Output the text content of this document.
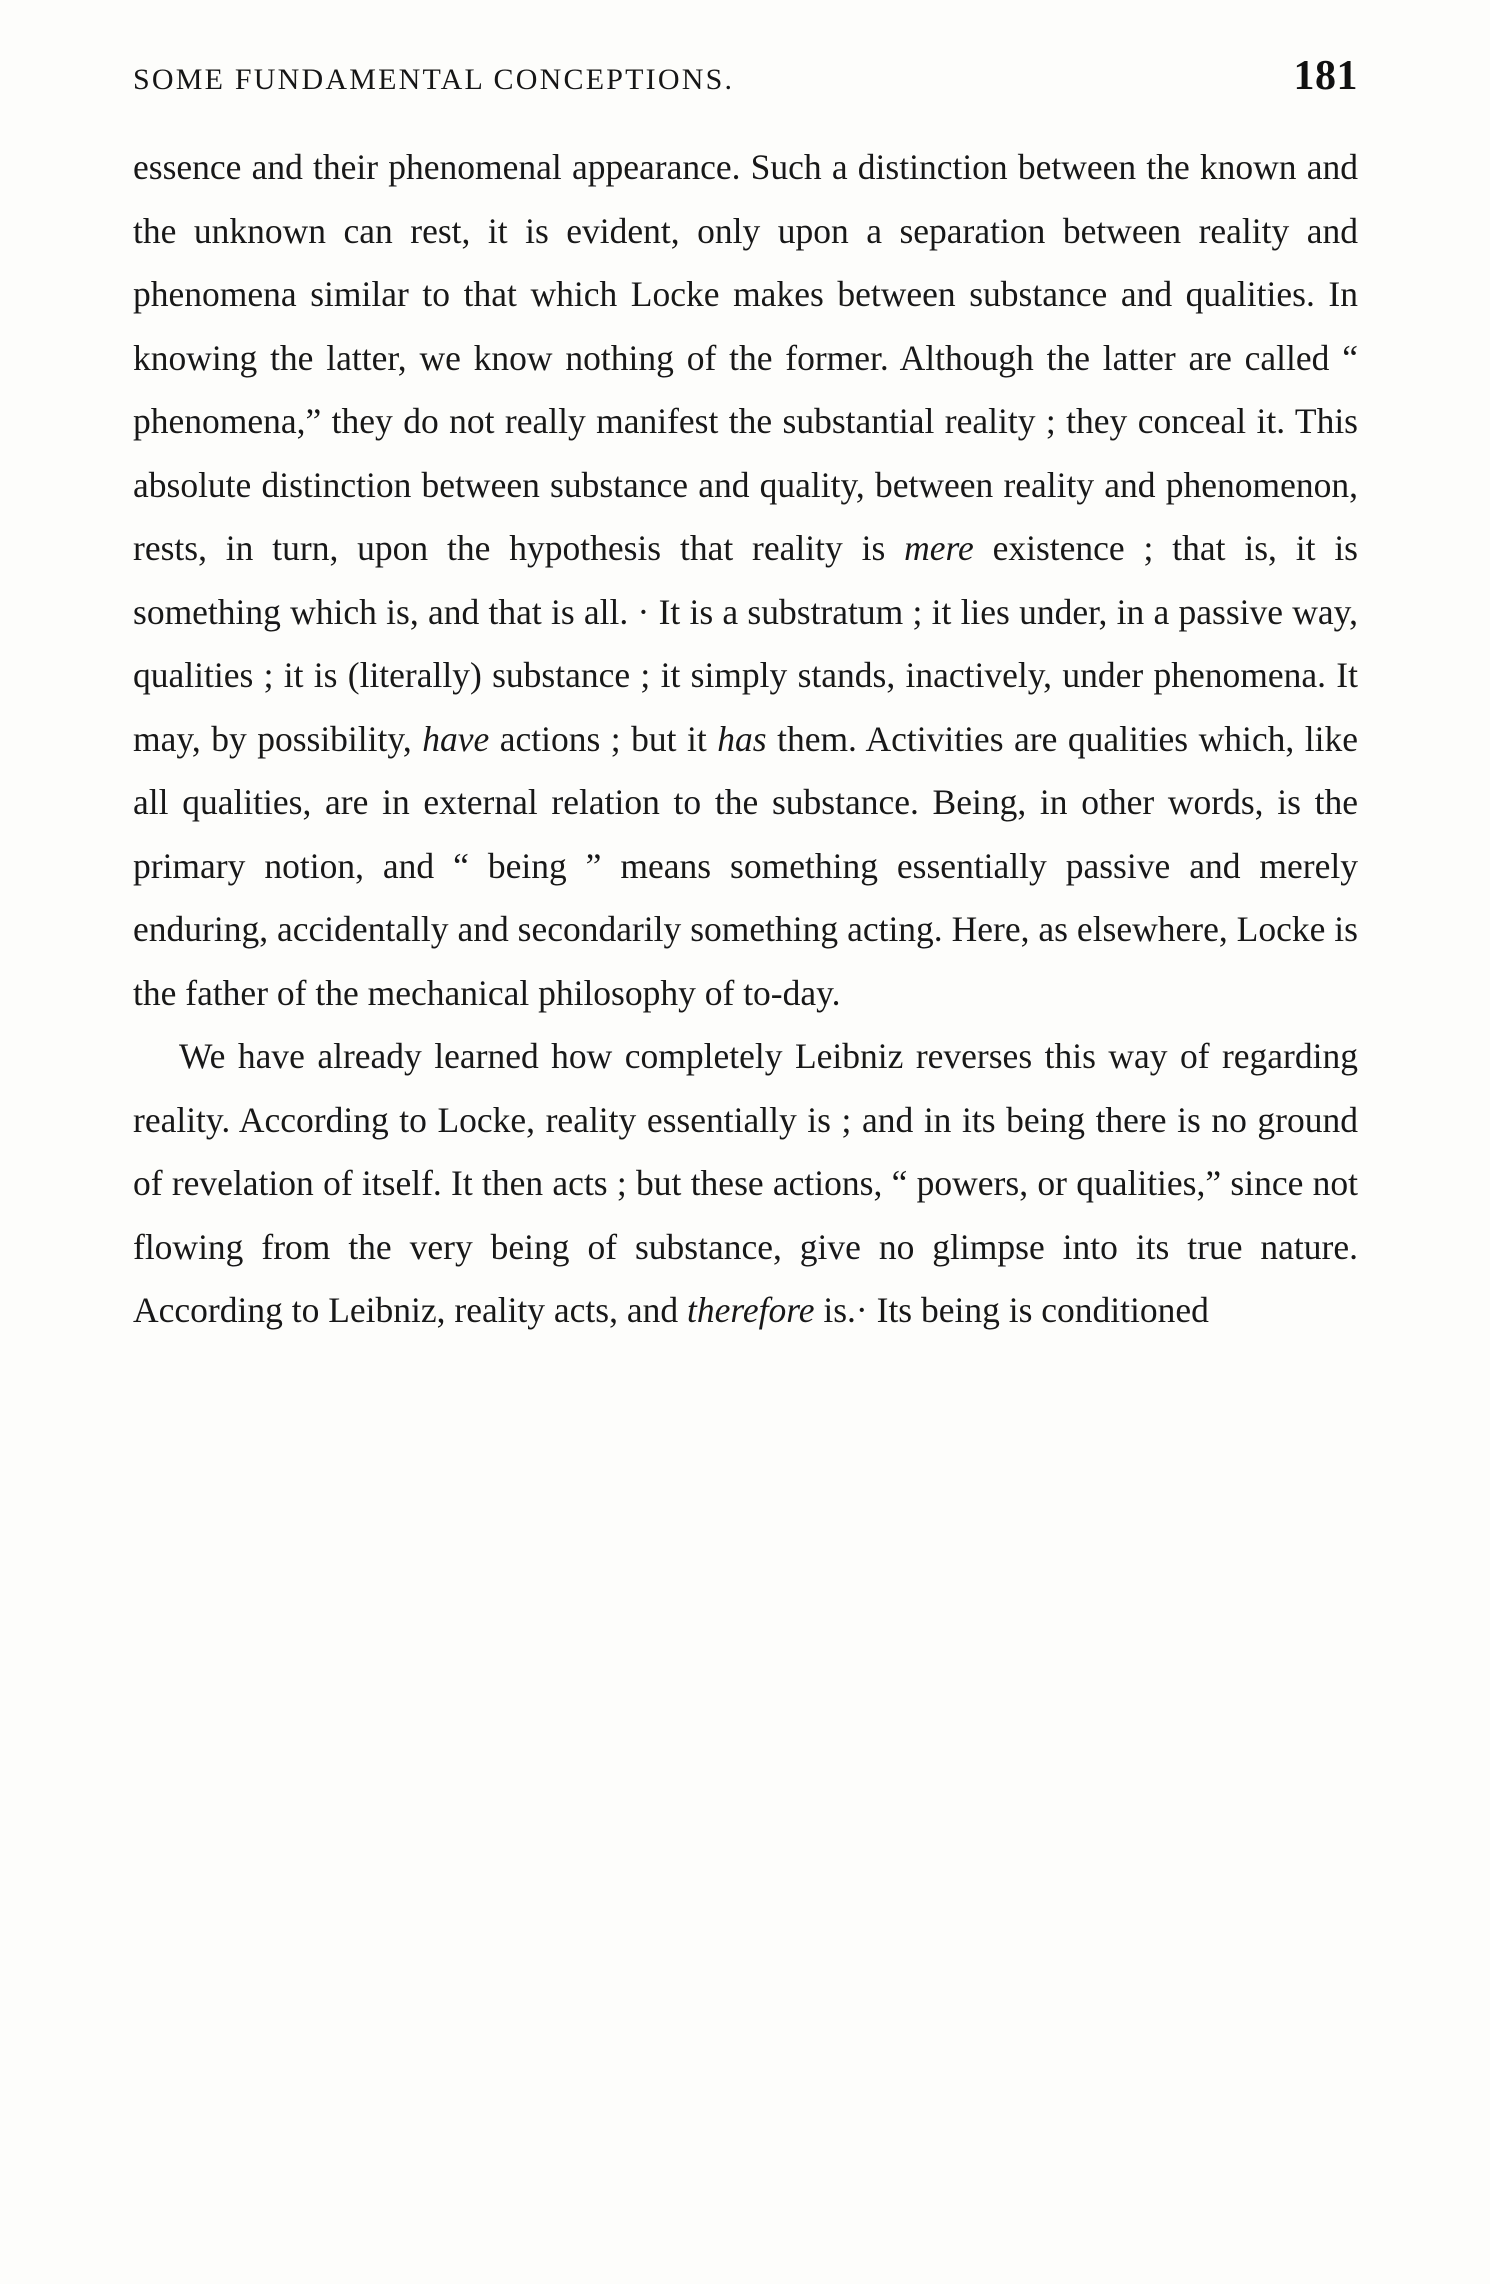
SOME FUNDAMENTAL CONCEPTIONS.	181

essence and their phenomenal appearance. Such a distinction between the known and the unknown can rest, it is evident, only upon a separation between reality and phenomena similar to that which Locke makes between substance and qualities. In knowing the latter, we know nothing of the former. Although the latter are called “ phenomena,” they do not really manifest the substantial reality ; they conceal it. This absolute distinction between substance and quality, between reality and phenomenon, rests, in turn, upon the hypothesis that reality is mere existence ; that is, it is something which is, and that is all. · It is a substratum ; it lies under, in a passive way, qualities ; it is (literally) substance ; it simply stands, inactively, under phenomena. It may, by possibility, have actions ; but it has them. Activities are qualities which, like all qualities, are in external relation to the substance. Being, in other words, is the primary notion, and “ being ” means something essentially passive and merely enduring, accidentally and secondarily something acting. Here, as elsewhere, Locke is the father of the mechanical philosophy of to-day.

We have already learned how completely Leibniz reverses this way of regarding reality. According to Locke, reality essentially is ; and in its being there is no ground of revelation of itself. It then acts ; but these actions, “ powers, or qualities,” since not flowing from the very being of substance, give no glimpse into its true nature. According to Leibniz, reality acts, and therefore is.· Its being is conditioned
